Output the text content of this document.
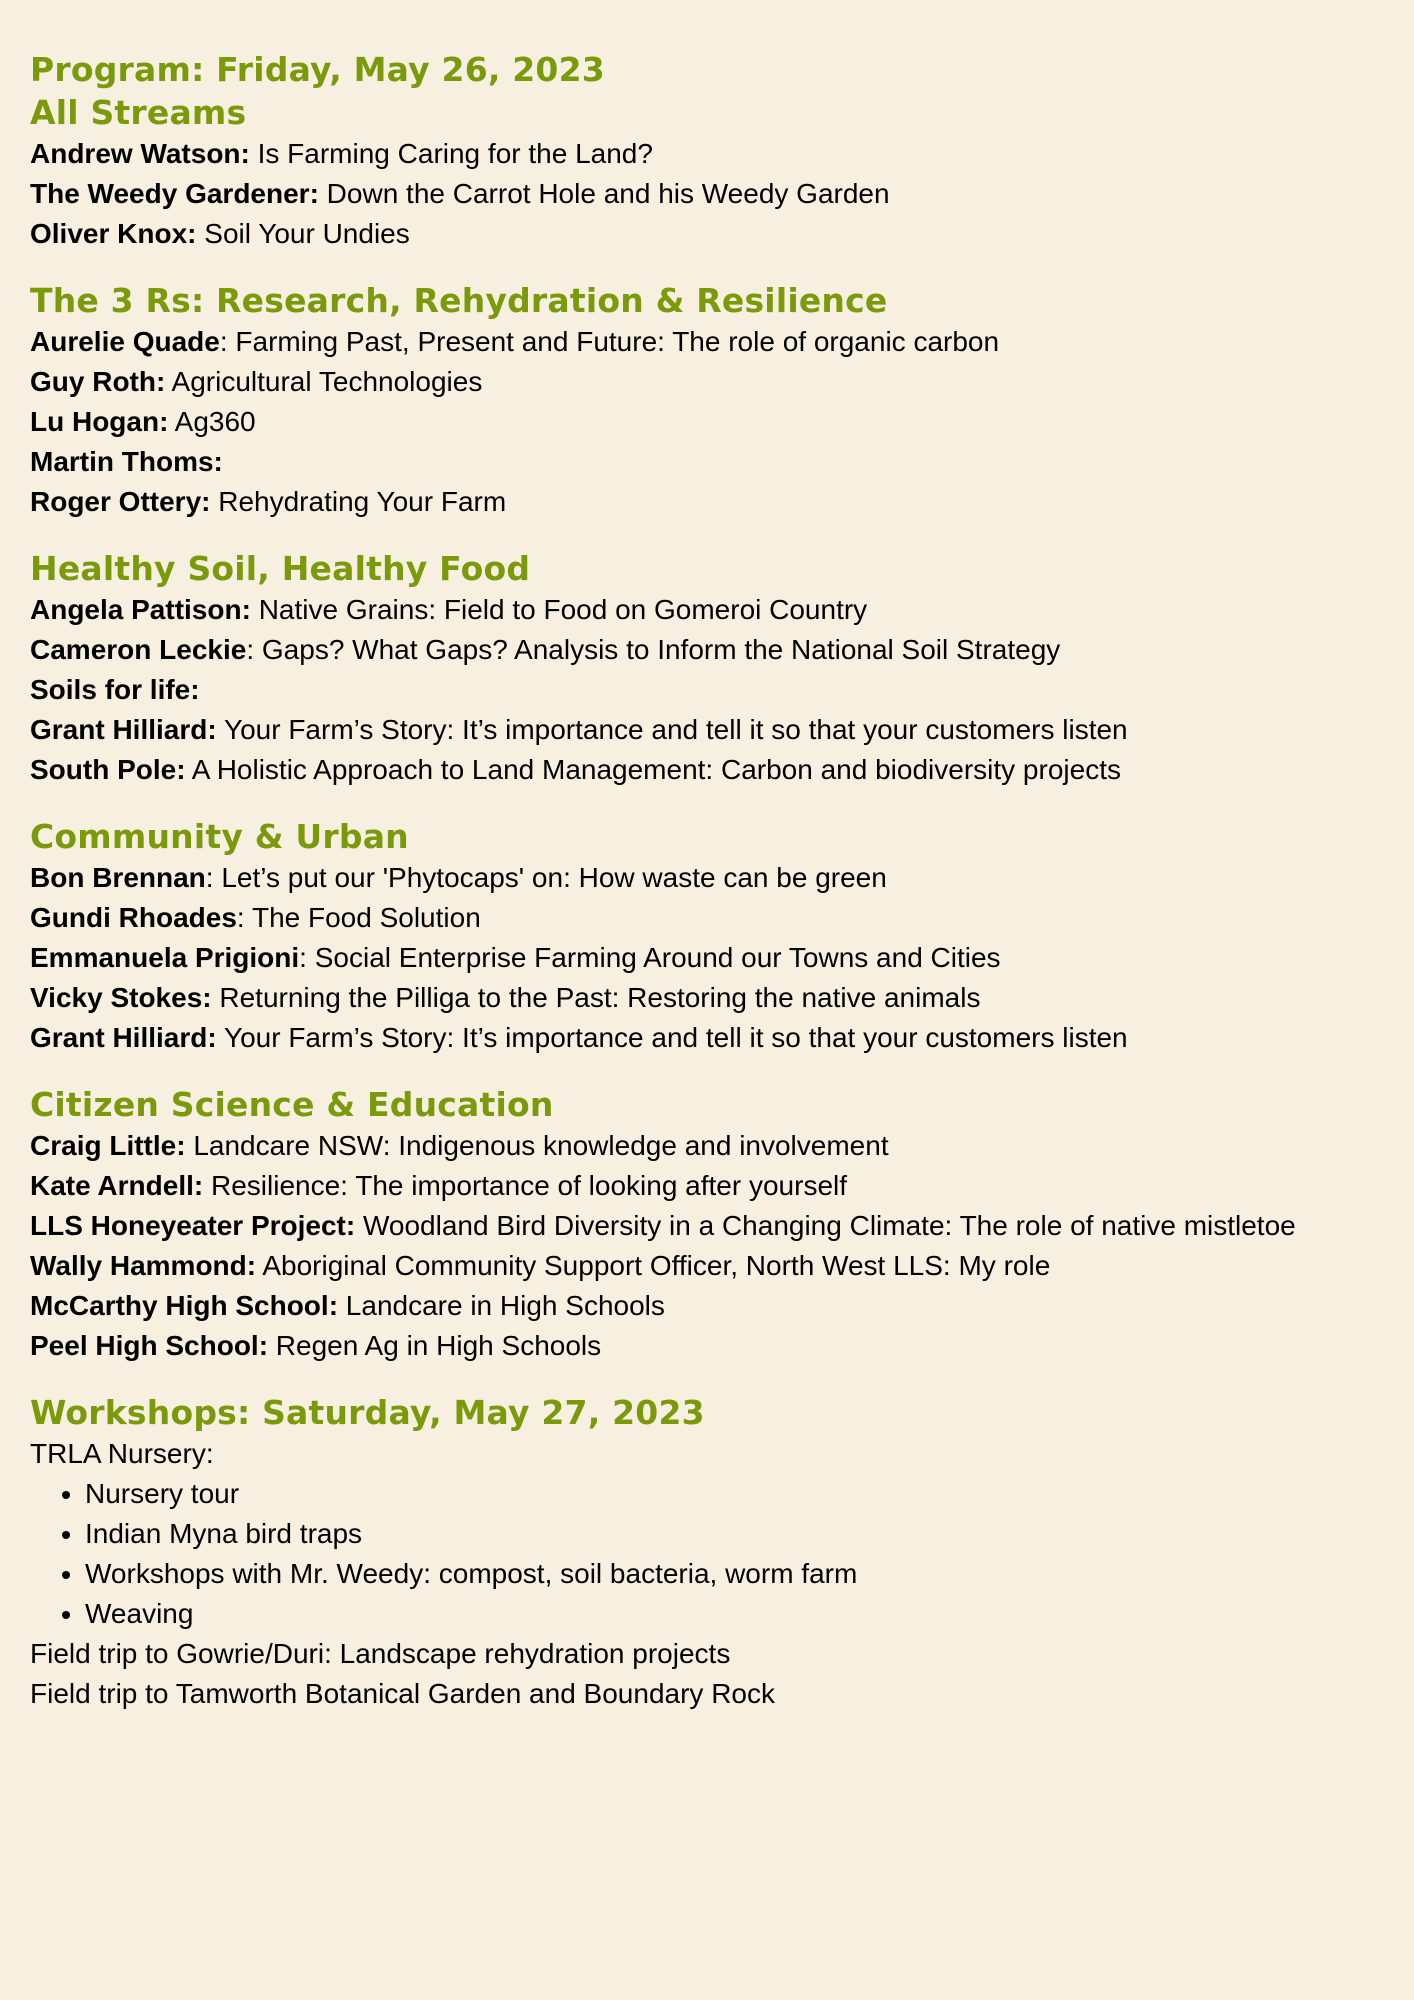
Program: Friday, May 26, 2023
All Streams
Andrew Watson: Is Farming Caring for the Land?
The Weedy Gardener: Down the Carrot Hole and his Weedy Garden
Oliver Knox: Soil Your Undies
The 3 Rs: Research, Rehydration & Resilience
Aurelie Quade: Farming Past, Present and Future: The role of organic carbon
Guy Roth: Agricultural Technologies
Lu Hogan: Ag360
Martin Thoms:
Roger Ottery: Rehydrating Your Farm
Healthy Soil, Healthy Food
Angela Pattison: Native Grains: Field to Food on Gomeroi Country
Cameron Leckie: Gaps? What Gaps? Analysis to Inform the National Soil Strategy
Soils for life:
Grant Hilliard: Your Farm’s Story: It’s importance and tell it so that your customers listen
South Pole: A Holistic Approach to Land Management: Carbon and biodiversity projects
Community & Urban
Bon Brennan: Let’s put our 'Phytocaps' on: How waste can be green
Gundi Rhoades: The Food Solution
Emmanuela Prigioni: Social Enterprise Farming Around our Towns and Cities
Vicky Stokes: Returning the Pilliga to the Past: Restoring the native animals
Grant Hilliard: Your Farm’s Story: It’s importance and tell it so that your customers listen
Citizen Science & Education
Craig Little: Landcare NSW: Indigenous knowledge and involvement
Kate Arndell: Resilience: The importance of looking after yourself
LLS Honeyeater Project: Woodland Bird Diversity in a Changing Climate: The role of native mistletoe
Wally Hammond: Aboriginal Community Support Officer, North West LLS: My role
McCarthy High School: Landcare in High Schools
Peel High School: Regen Ag in High Schools
Workshops: Saturday, May 27, 2023
TRLA Nursery:
• Nursery tour
• Indian Myna bird traps
• Workshops with Mr. Weedy: compost, soil bacteria, worm farm
• Weaving
Field trip to Gowrie/Duri: Landscape rehydration projects
Field trip to Tamworth Botanical Garden and Boundary Rock
